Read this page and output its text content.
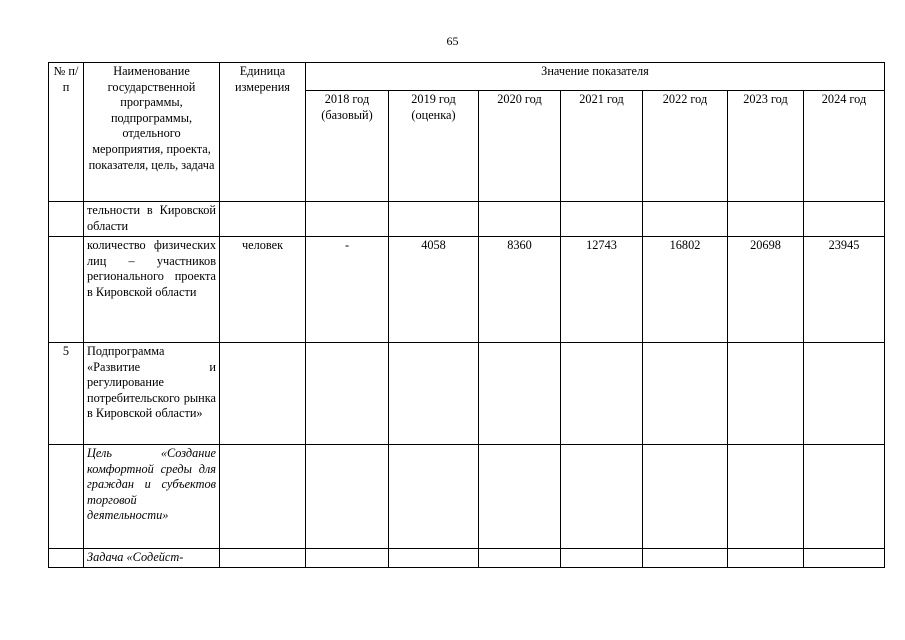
65
№ п/п	Наименование государственной программы, подпрограммы, отдельного мероприятия, проекта, показателя, цель, задача	Единица измерения	Значение показателя						
			2018 год (базовый)	2019 год (оценка)	2020 год	2021 год	2022 год	2023 год	2024 год
	тельности в Кировской области								
	количество физических лиц – участников регионального проекта в Кировской области	человек	-	4058	8360	12743	16802	20698	23945
5	Подпрограмма «Развитие и регулирование потребительского рынка в Кировской области»								
	Цель «Создание комфортной среды для граждан и субъектов торговой деятельности»								
	Задача «Содейст-								
